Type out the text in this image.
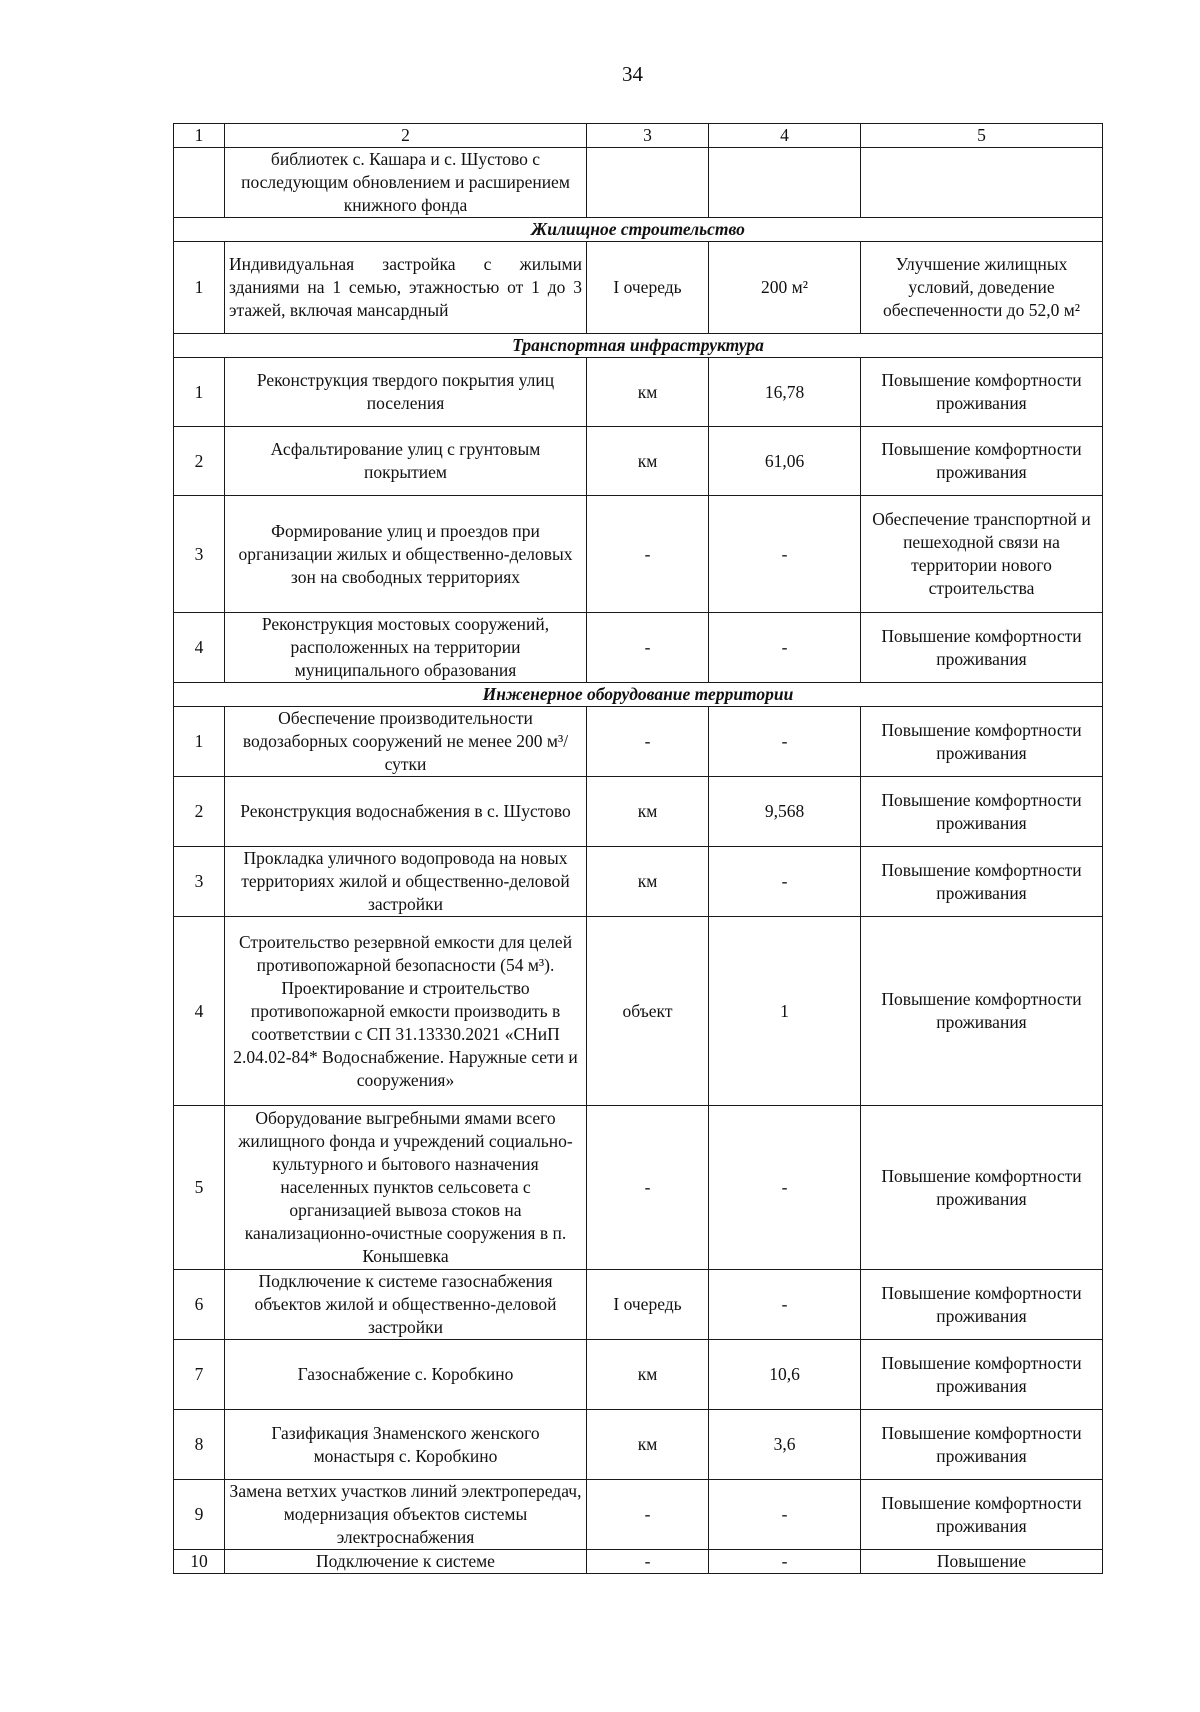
34
1	2	3	4	5
	библиотек с. Кашара и с. Шустово с последующим обновлением и расширением книжного фонда			
Жилищное строительство				
1	Индивидуальная застройка с жилыми зданиями на 1 семью, этажностью от 1 до 3 этажей, включая мансардный	I очередь	200 м²	Улучшение жилищных условий, доведение обеспеченности до 52,0 м²
Транспортная инфраструктура				
1	Реконструкция твердого покрытия улиц поселения	км	16,78	Повышение комфортности проживания
2	Асфальтирование улиц с грунтовым покрытием	км	61,06	Повышение комфортности проживания
3	Формирование улиц и проездов при организации жилых и общественно-деловых зон на свободных территориях	-	-	Обеспечение транспортной и пешеходной связи на территории нового строительства
4	Реконструкция мостовых сооружений, расположенных на территории муниципального образования	-	-	Повышение комфортности проживания
Инженерное оборудование территории				
1	Обеспечение производительности водозаборных сооружений не менее 200 м³/сутки	-	-	Повышение комфортности проживания
2	Реконструкция водоснабжения в с. Шустово	км	9,568	Повышение комфортности проживания
3	Прокладка уличного водопровода на новых территориях жилой и общественно-деловой застройки	км	-	Повышение комфортности проживания
4	Строительство резервной емкости для целей противопожарной безопасности (54 м³). Проектирование и строительство противопожарной емкости производить в соответствии с СП 31.13330.2021 «СНиП 2.04.02-84* Водоснабжение. Наружные сети и сооружения»	объект	1	Повышение комфортности проживания
5	Оборудование выгребными ямами всего жилищного фонда и учреждений социально-культурного и бытового назначения населенных пунктов сельсовета с организацией вывоза стоков на канализационно-очистные сооружения в п. Конышевка	-	-	Повышение комфортности проживания
6	Подключение к системе газоснабжения объектов жилой и общественно-деловой застройки	I очередь	-	Повышение комфортности проживания
7	Газоснабжение с. Коробкино	км	10,6	Повышение комфортности проживания
8	Газификация Знаменского женского монастыря с. Коробкино	км	3,6	Повышение комфортности проживания
9	Замена ветхих участков линий электропередач, модернизация объектов системы электроснабжения	-	-	Повышение комфортности проживания
10	Подключение к системе	-	-	Повышение
